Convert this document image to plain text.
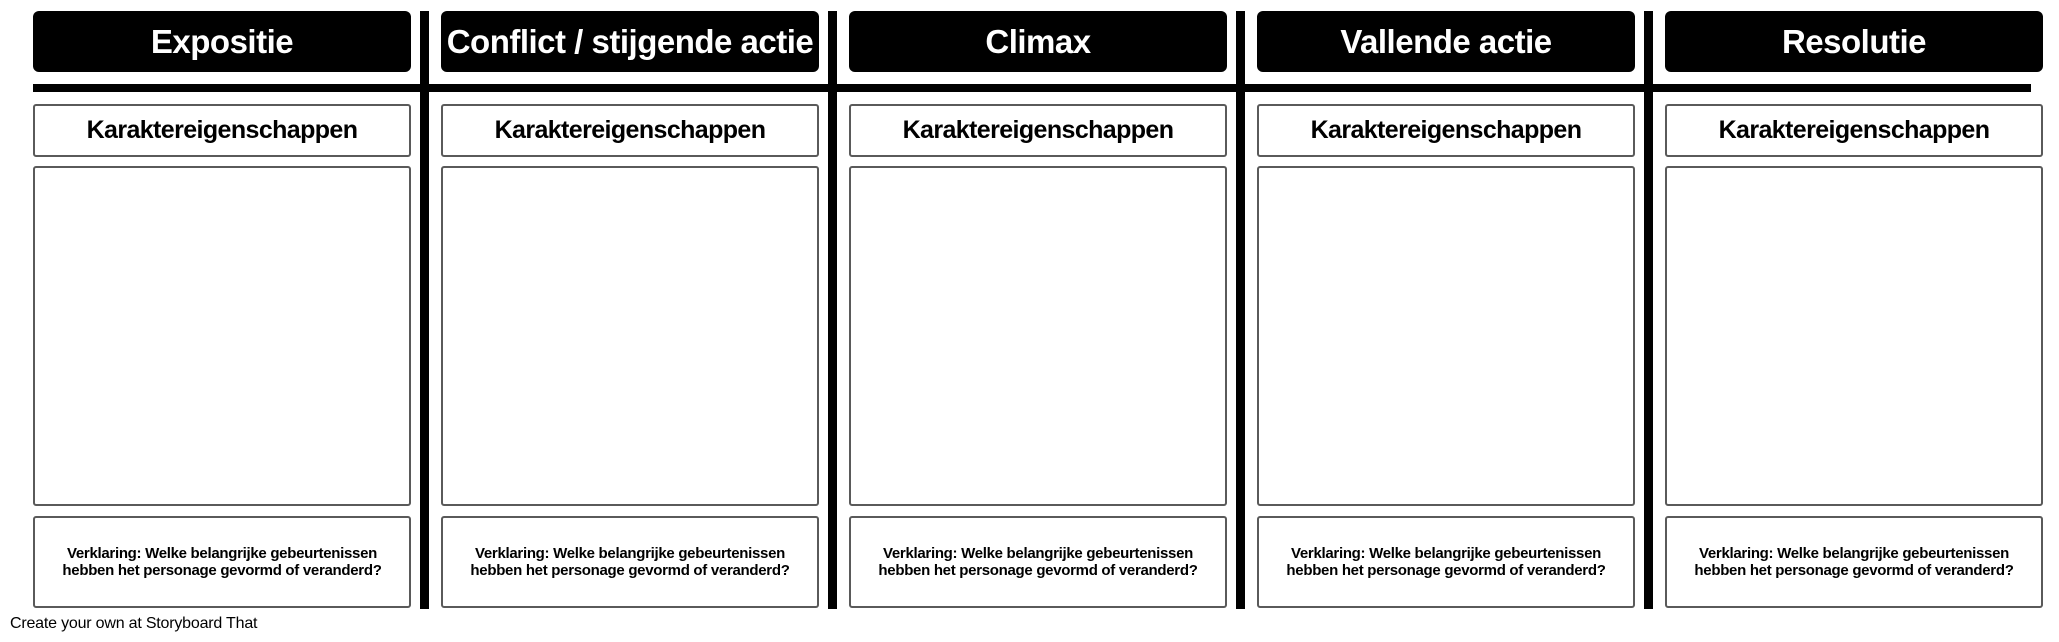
Expositie
Karaktereigenschappen
Verklaring: Welke belangrijke gebeurtenissen
hebben het personage gevormd of veranderd?
Conflict / stijgende actie
Karaktereigenschappen
Verklaring: Welke belangrijke gebeurtenissen
hebben het personage gevormd of veranderd?
Climax
Karaktereigenschappen
Verklaring: Welke belangrijke gebeurtenissen
hebben het personage gevormd of veranderd?
Vallende actie
Karaktereigenschappen
Verklaring: Welke belangrijke gebeurtenissen
hebben het personage gevormd of veranderd?
Resolutie
Karaktereigenschappen
Verklaring: Welke belangrijke gebeurtenissen
hebben het personage gevormd of veranderd?
Create your own at Storyboard That
